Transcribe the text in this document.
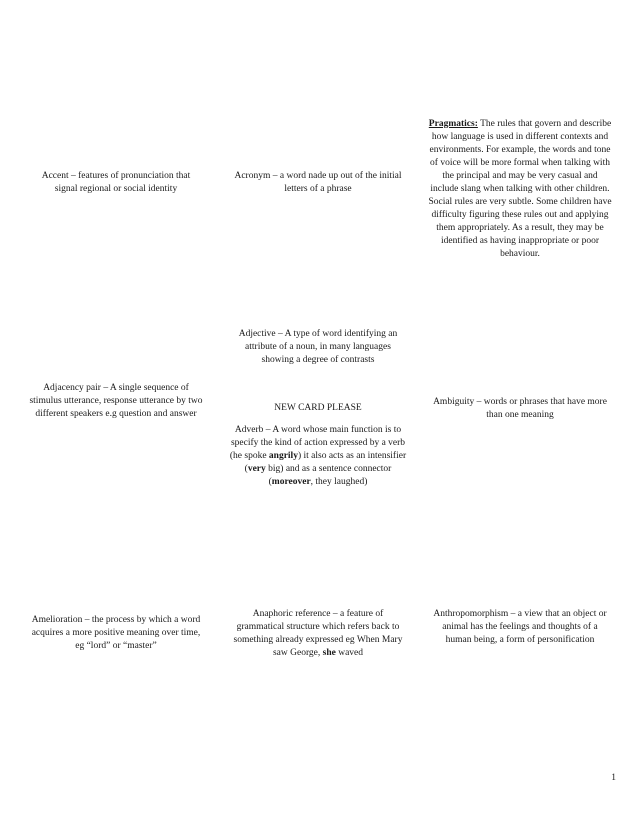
Accent – features of pronunciation that signal regional or social identity

Acronym – a word nade up out of the initial letters of a phrase

Pragmatics: The rules that govern and describe how language is used in different contexts and environments. For example, the words and tone of voice will be more formal when talking with the principal and may be very casual and include slang when talking with other children. Social rules are very subtle. Some children have difficulty figuring these rules out and applying them appropriately. As a result, they may be identified as having inappropriate or poor behaviour.

Adjacency pair – A single sequence of stimulus utterance, response utterance by two different speakers e.g question and answer

Adjective – A type of word identifying an attribute of a noun, in many languages showing a degree of contrasts

NEW CARD PLEASE

Adverb – A word whose main function is to specify the kind of action expressed by a verb (he spoke angrily) it also acts as an intensifier (very big) and as a sentence connector (moreover, they laughed)

Ambiguity – words or phrases that have more than one meaning

Amelioration – the process by which a word acquires a more positive meaning over time, eg “lord” or “master”

Anaphoric reference – a feature of grammatical structure which refers back to something already expressed eg When Mary saw George, she waved

Anthropomorphism – a view that an object or animal has the feelings and thoughts of a human being, a form of personification

1
